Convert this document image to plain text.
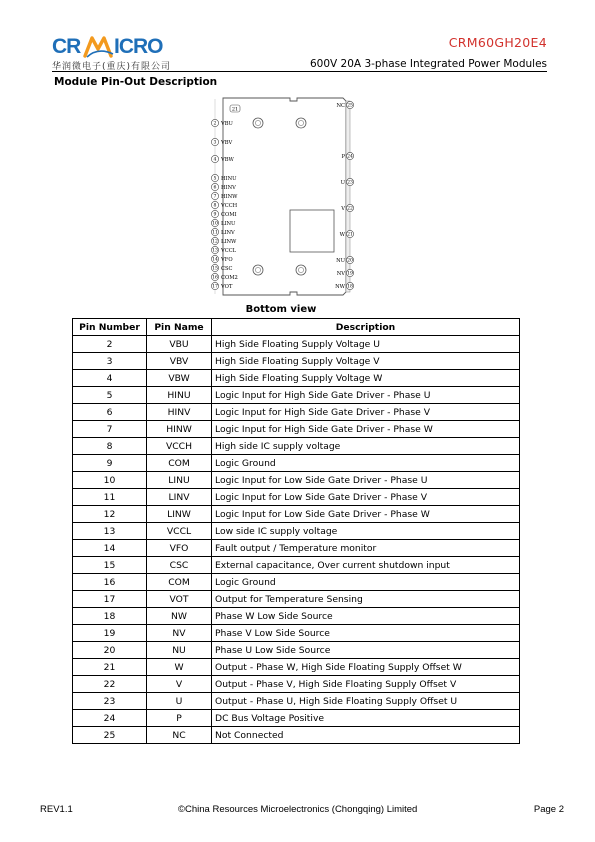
CR ICRO
华润微电子(重庆)有限公司
CRM60GH20E4
600V 20A 3-phase Integrated Power Modules
Module Pin-Out Description
21
2 VBU
3 VBV
4 VBW
5 HINU
6 HINV
7 HINW
8 VCCH
9 COMI
10 LINU
11 LINV
12 LINW
13 VCCL
14 VFO
15 CSC
16 COM2
17 VOT
25
NC
24
P
23
U
22
V
21
W
20
NU
19
NV
18
NW
Bottom view
Pin Number	Pin Name	Description
2	VBU	High Side Floating Supply Voltage U
3	VBV	High Side Floating Supply Voltage V
4	VBW	High Side Floating Supply Voltage W
5	HINU	Logic Input for High Side Gate Driver - Phase U
6	HINV	Logic Input for High Side Gate Driver - Phase V
7	HINW	Logic Input for High Side Gate Driver - Phase W
8	VCCH	High side IC supply voltage
9	COM	Logic Ground
10	LINU	Logic Input for Low Side Gate Driver - Phase U
11	LINV	Logic Input for Low Side Gate Driver - Phase V
12	LINW	Logic Input for Low Side Gate Driver - Phase W
13	VCCL	Low side IC supply voltage
14	VFO	Fault output / Temperature monitor
15	CSC	External capacitance, Over current shutdown input
16	COM	Logic Ground
17	VOT	Output for Temperature Sensing
18	NW	Phase W Low Side Source
19	NV	Phase V Low Side Source
20	NU	Phase U Low Side Source
21	W	Output - Phase W, High Side Floating Supply Offset W
22	V	Output - Phase V, High Side Floating Supply Offset V
23	U	Output - Phase U, High Side Floating Supply Offset U
24	P	DC Bus Voltage Positive
25	NC	Not Connected
REV1.1	©China Resources Microelectronics (Chongqing) Limited	Page 2
